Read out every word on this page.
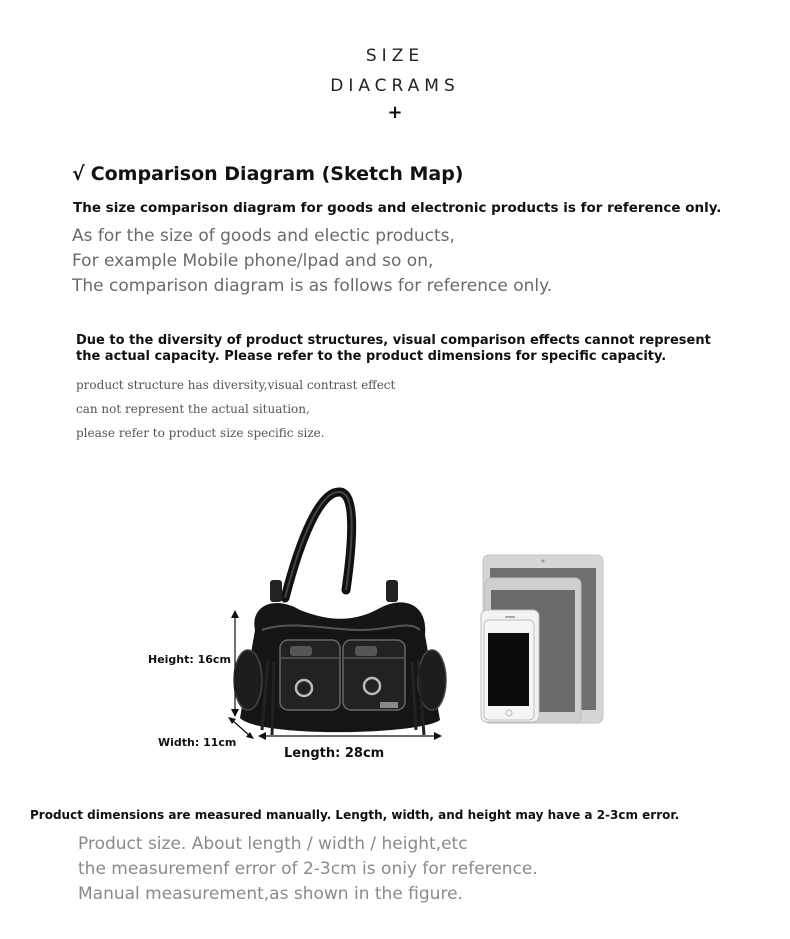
SIZE
DIACRAMS
+
√ Comparison Diagram (Sketch Map)
The size comparison diagram for goods and electronic products is for reference only.
As for the size of goods and electic products,
For example Mobile phone/lpad and so on,
The comparison diagram is as follows for reference only.
Due to the diversity of product structures, visual comparison effects cannot represent
the actual capacity. Please refer to the product dimensions for specific capacity.
product structure has diversity,visual contrast effect
can not represent the actual situation,
please refer to product size specific size.
Height: 16cm
Width: 11cm
Length: 28cm
Product dimensions are measured manually. Length, width, and height may have a 2-3cm error.
Product size. About length / width / height,etc
the measuremenf error of 2-3cm is oniy for reference.
Manual measurement,as shown in the figure.
